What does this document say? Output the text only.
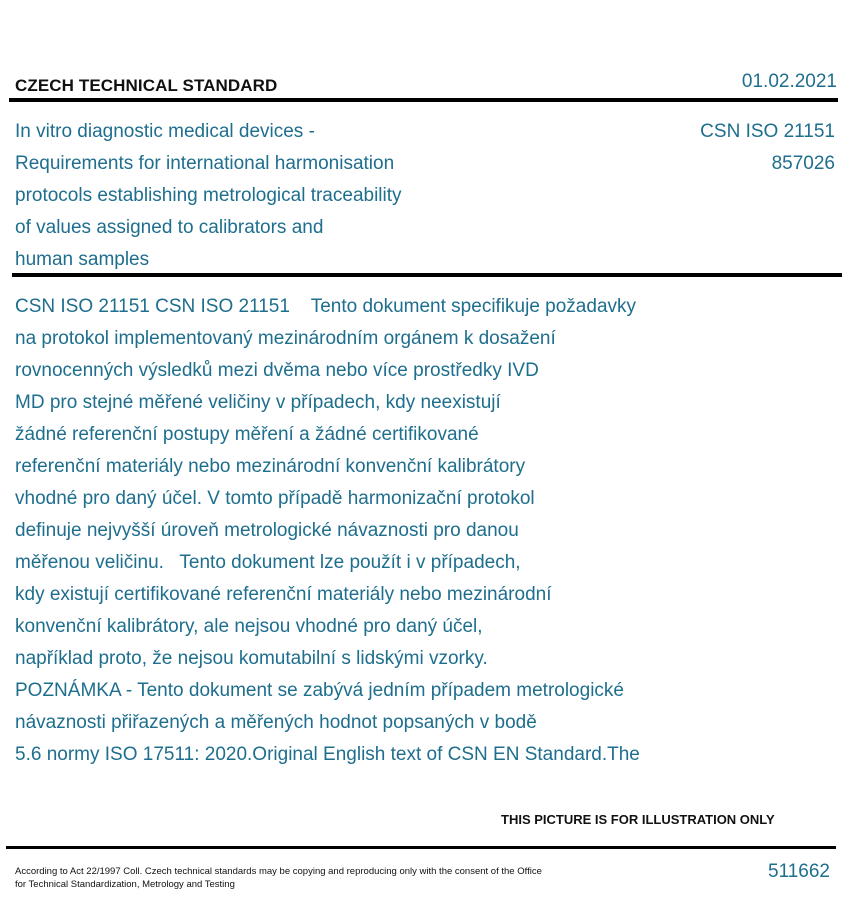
CZECH TECHNICAL STANDARD	01.02.2021
In vitro diagnostic medical devices -
Requirements for international harmonisation
protocols establishing metrological traceability
of values assigned to calibrators and
human samples
CSN ISO 21151
857026
CSN ISO 21151 CSN ISO 21151    Tento dokument specifikuje požadavky
na protokol implementovaný mezinárodním orgánem k dosažení
rovnocenných výsledků mezi dvěma nebo více prostředky IVD
MD pro stejné měřené veličiny v případech, kdy neexistují
žádné referenční postupy měření a žádné certifikované
referenční materiály nebo mezinárodní konvenční kalibrátory
vhodné pro daný účel. V tomto případě harmonizační protokol
definuje nejvyšší úroveň metrologické návaznosti pro danou
měřenou veličinu.   Tento dokument lze použít i v případech,
kdy existují certifikované referenční materiály nebo mezinárodní
konvenční kalibrátory, ale nejsou vhodné pro daný účel,
například proto, že nejsou komutabilní s lidskými vzorky.
POZNÁMKA - Tento dokument se zabývá jedním případem metrologické
návaznosti přiřazených a měřených hodnot popsaných v bodě
5.6 normy ISO 17511: 2020.Original English text of CSN EN Standard.The
THIS PICTURE IS FOR ILLUSTRATION ONLY
According to Act 22/1997 Coll. Czech technical standards may be copying and reproducing only with the consent of the Office
for Technical Standardization, Metrology and Testing
511662
